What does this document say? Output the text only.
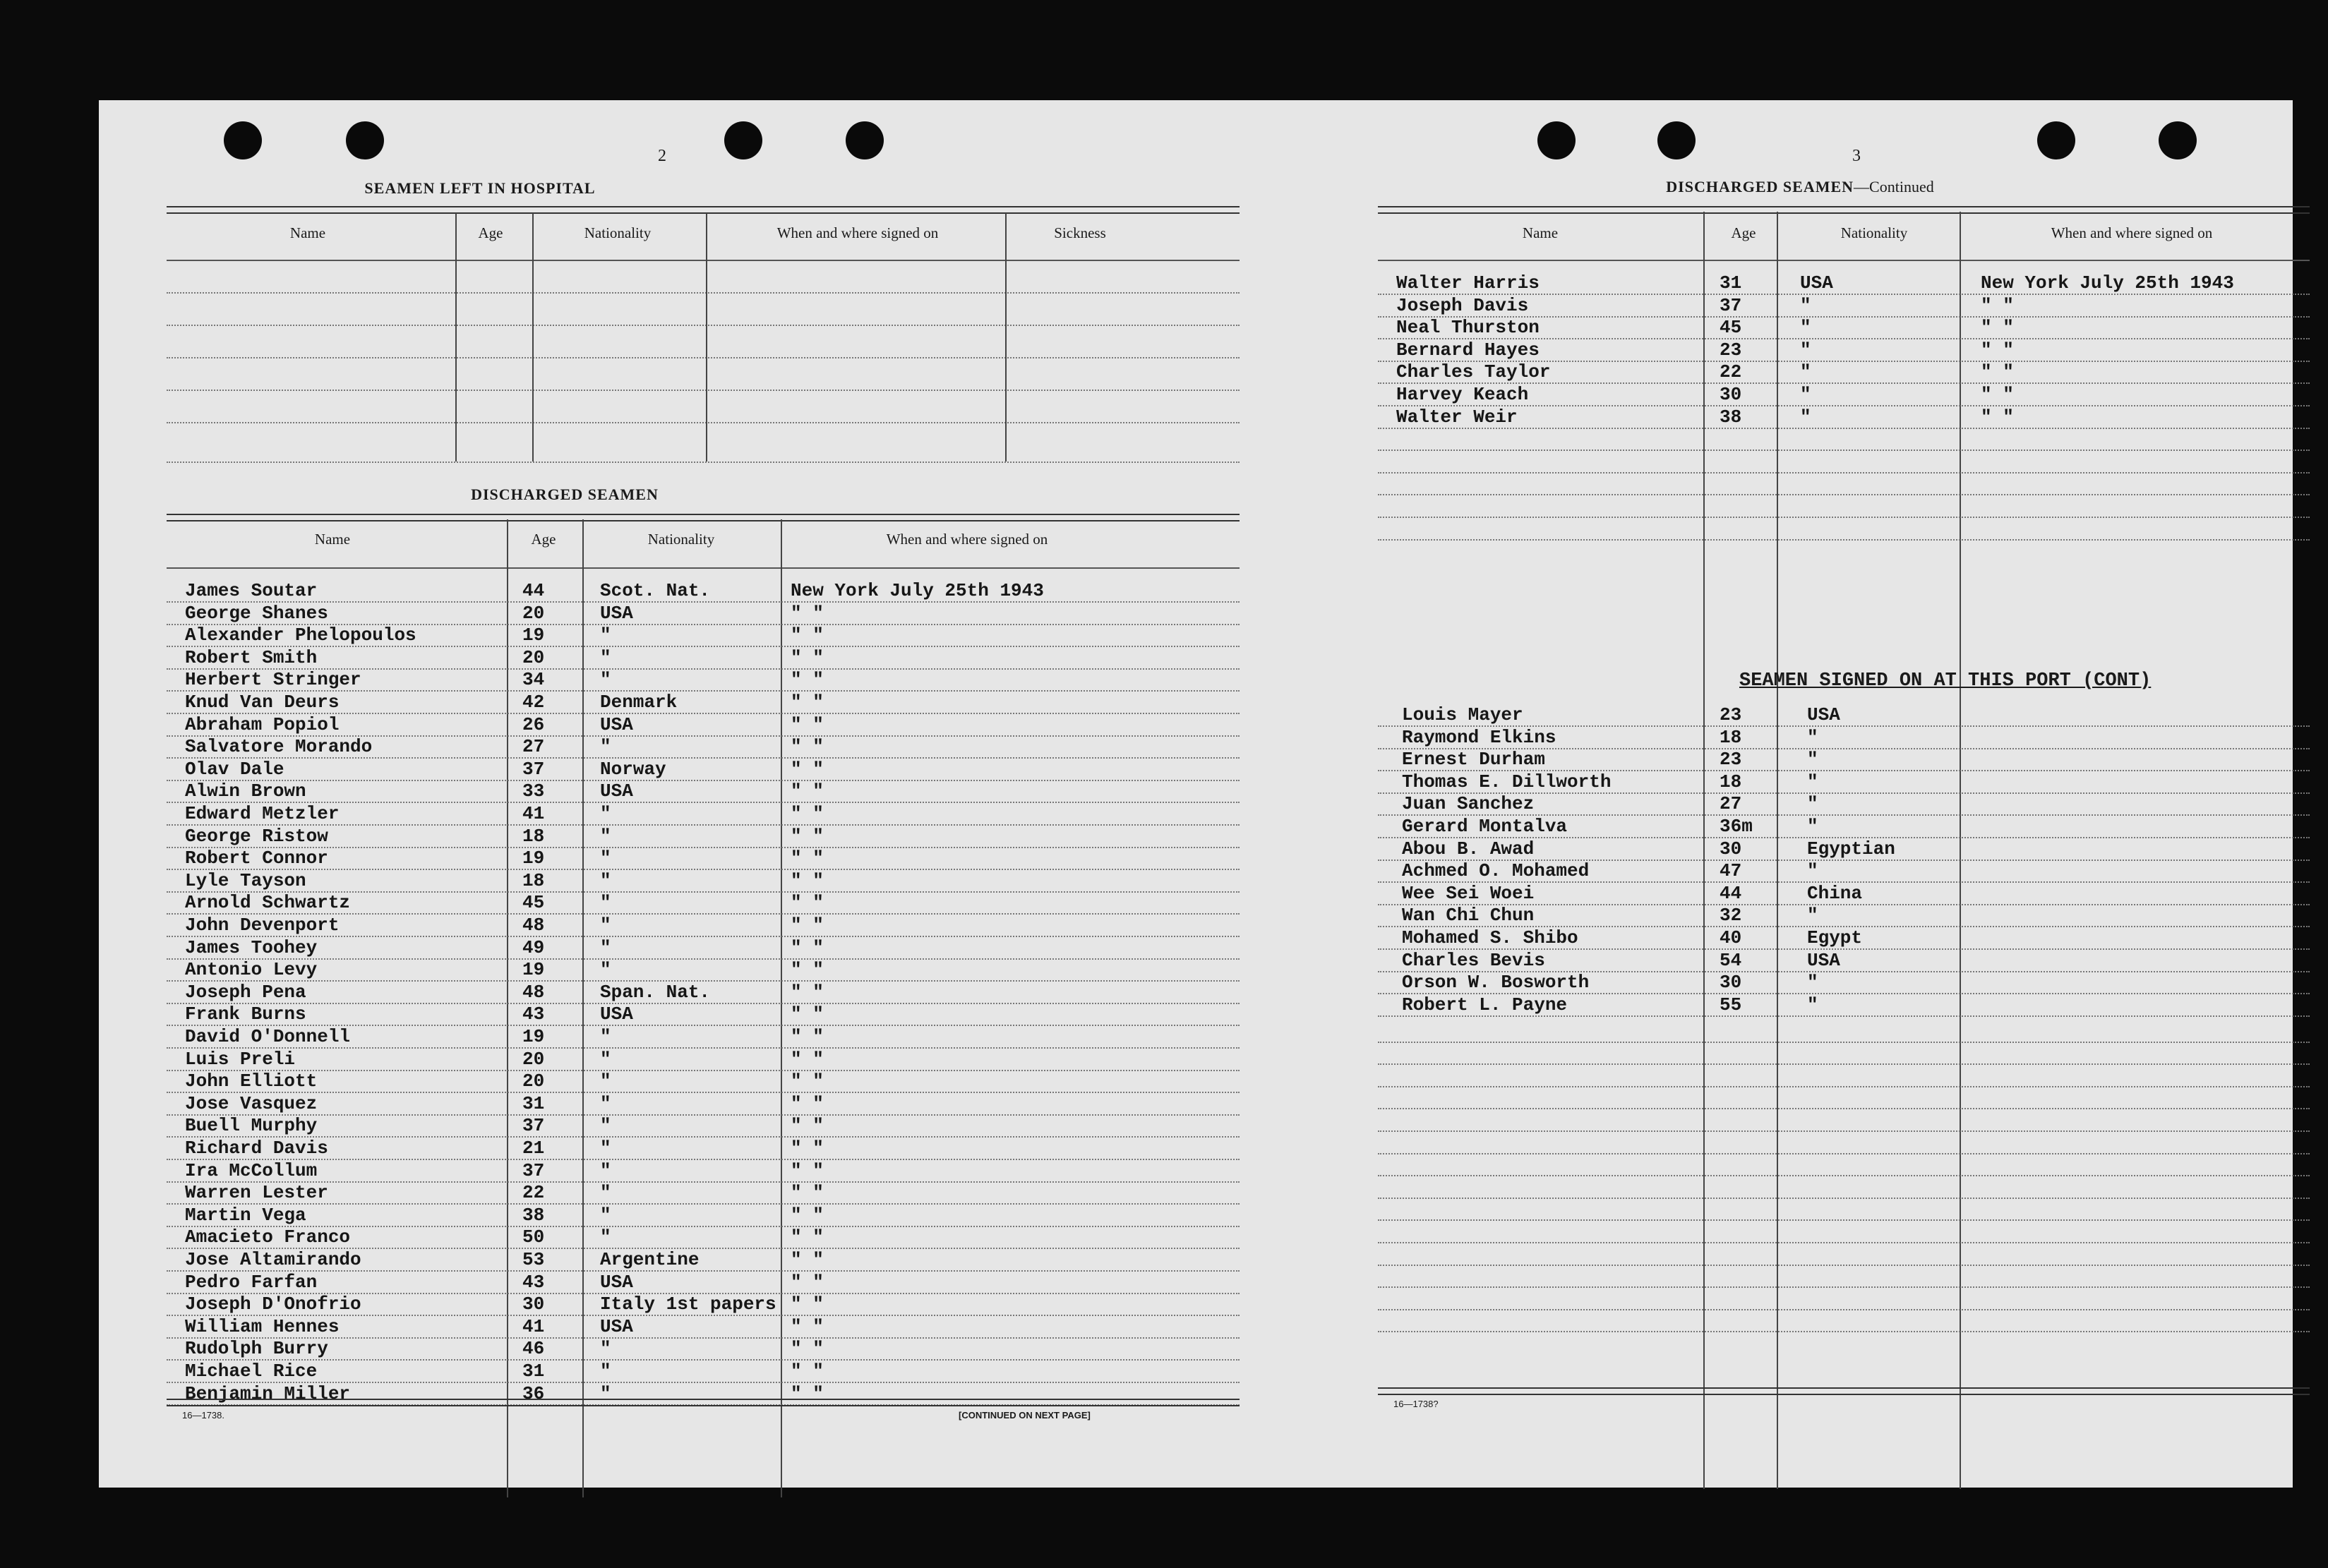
2
SEAMEN LEFT IN HOSPITAL
Name	Age	Nationality	When and where signed on	Sickness
DISCHARGED SEAMEN
Name	Age	Nationality	When and where signed on
James Soutar	44	Scot. Nat.	New York July 25th 1943
George Shanes	20	USA	" "
Alexander Phelopoulos	19	"	" "
Robert Smith	20	"	" "
Herbert Stringer	34	"	" "
Knud Van Deurs	42	Denmark	" "
Abraham Popiol	26	USA	" "
Salvatore Morando	27	"	" "
Olav Dale	37	Norway	" "
Alwin Brown	33	USA	" "
Edward Metzler	41	"	" "
George Ristow	18	"	" "
Robert Connor	19	"	" "
Lyle Tayson	18	"	" "
Arnold Schwartz	45	"	" "
John Devenport	48	"	" "
James Toohey	49	"	" "
Antonio Levy	19	"	" "
Joseph Pena	48	Span. Nat.	" "
Frank Burns	43	USA	" "
David O'Donnell	19	"	" "
Luis Preli	20	"	" "
John Elliott	20	"	" "
Jose Vasquez	31	"	" "
Buell Murphy	37	"	" "
Richard Davis	21	"	" "
Ira McCollum	37	"	" "
Warren Lester	22	"	" "
Martin Vega	38	"	" "
Amacieto Franco	50	"	" "
Jose Altamirando	53	Argentine	" "
Pedro Farfan	43	USA	" "
Joseph D'Onofrio	30	Italy 1st papers " "
William Hennes	41	USA	" "
Rudolph Burry	46	"	" "
Michael Rice	31	"	" "
Benjamin Miller	36	"	" "
16—1738.	[CONTINUED ON NEXT PAGE]
3
DISCHARGED SEAMEN—Continued
Name	Age	Nationality	When and where signed on
Walter Harris	31	USA	New York July 25th 1943
Joseph Davis	37	"	" "
Neal Thurston	45	"	" "
Bernard Hayes	23	"	" "
Charles Taylor	22	"	" "
Harvey Keach	30	"	" "
Walter Weir	38	"	" "
SEAMEN SIGNED ON AT THIS PORT (CONT)
Louis Mayer	23	USA
Raymond Elkins	18	"
Ernest Durham	23	"
Thomas E. Dillworth	18	"
Juan Sanchez	27	"
Gerard Montalva	36m	"
Abou B. Awad	30	Egyptian
Achmed O. Mohamed	47	"
Wee Sei Woei	44	China
Wan Chi Chun	32	"
Mohamed S. Shibo	40	Egypt
Charles Bevis	54	USA
Orson W. Bosworth	30	"
Robert L. Payne	55	"
16—1738?
